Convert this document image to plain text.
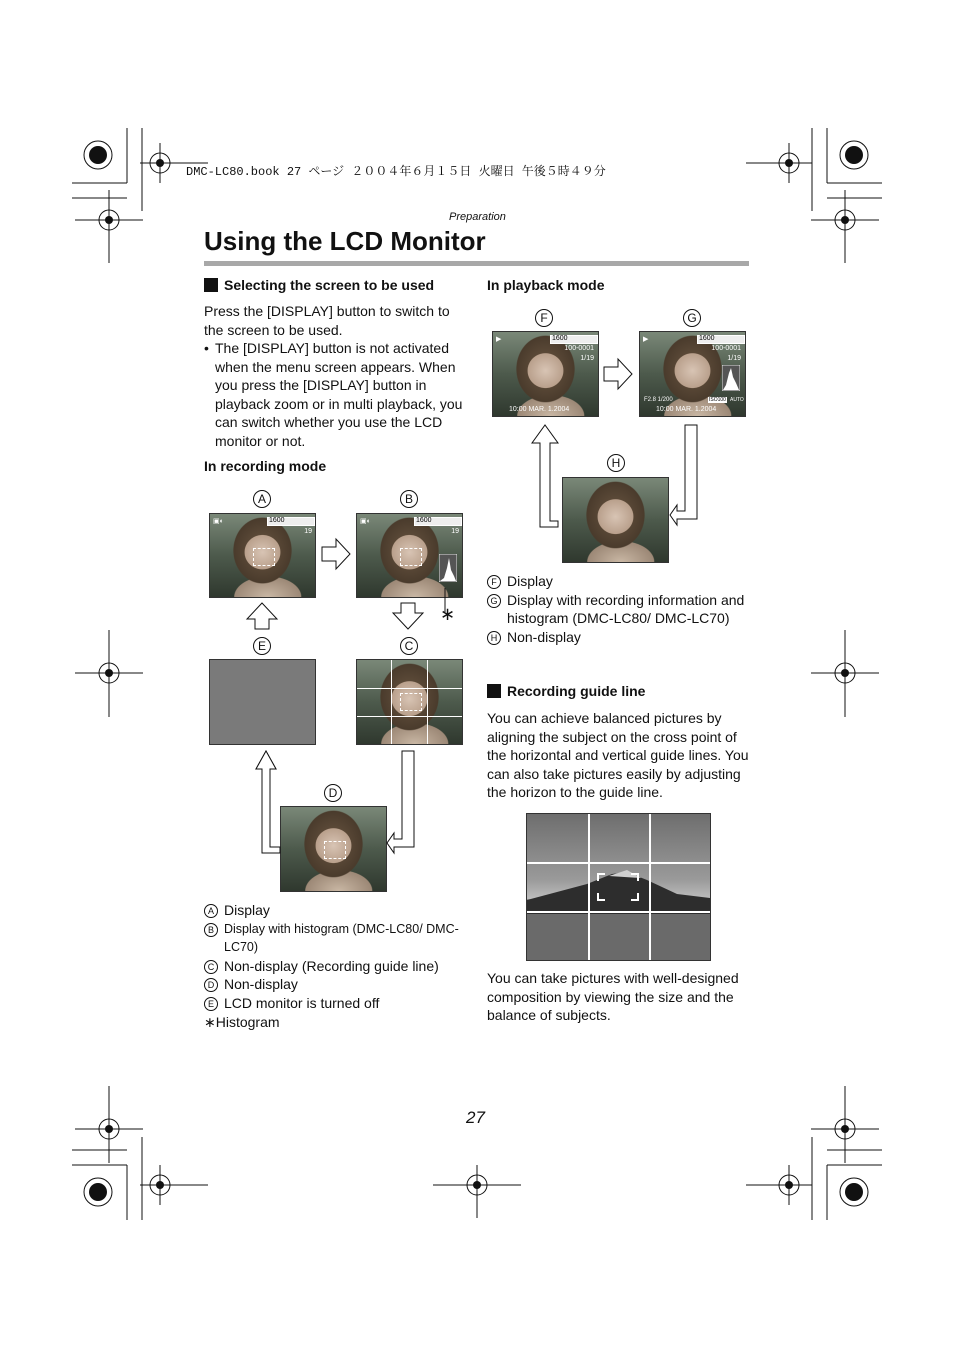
DMC-LC80.book 27 ページ ２００４年６月１５日 火曜日 午後５時４９分
Preparation
Using the LCD Monitor
Selecting the screen to be used
Press the [DISPLAY] button to switch to the screen to be used.
• The [DISPLAY] button is not activated when the menu screen appears. When you press the [DISPLAY] button in playback zoom or in multi playback, you can switch whether you use the LCD monitor or not.
In recording mode
A	B
C
E
D
▣◐	1600
19
▣◐	1600
19
∗
A Display
B Display with histogram (DMC-LC80/ DMC-LC70)
C Non-display (Recording guide line)
D Non-display
E LCD monitor is turned off
∗Histogram
In playback mode
F	G
H
▶	1600
100-0001
1/19
10:00 MAR. 1.2004
▶	1600
100-0001
1/19
F2.8 1/200	ISO100 AUTO
10:00 MAR. 1.2004
F Display
G Display with recording information and histogram (DMC-LC80/ DMC-LC70)
H Non-display
Recording guide line
You can achieve balanced pictures by aligning the subject on the cross point of the horizontal and vertical guide lines. You can also take pictures easily by adjusting the horizon to the guide line.
You can take pictures with well-designed composition by viewing the size and the balance of subjects.
27
